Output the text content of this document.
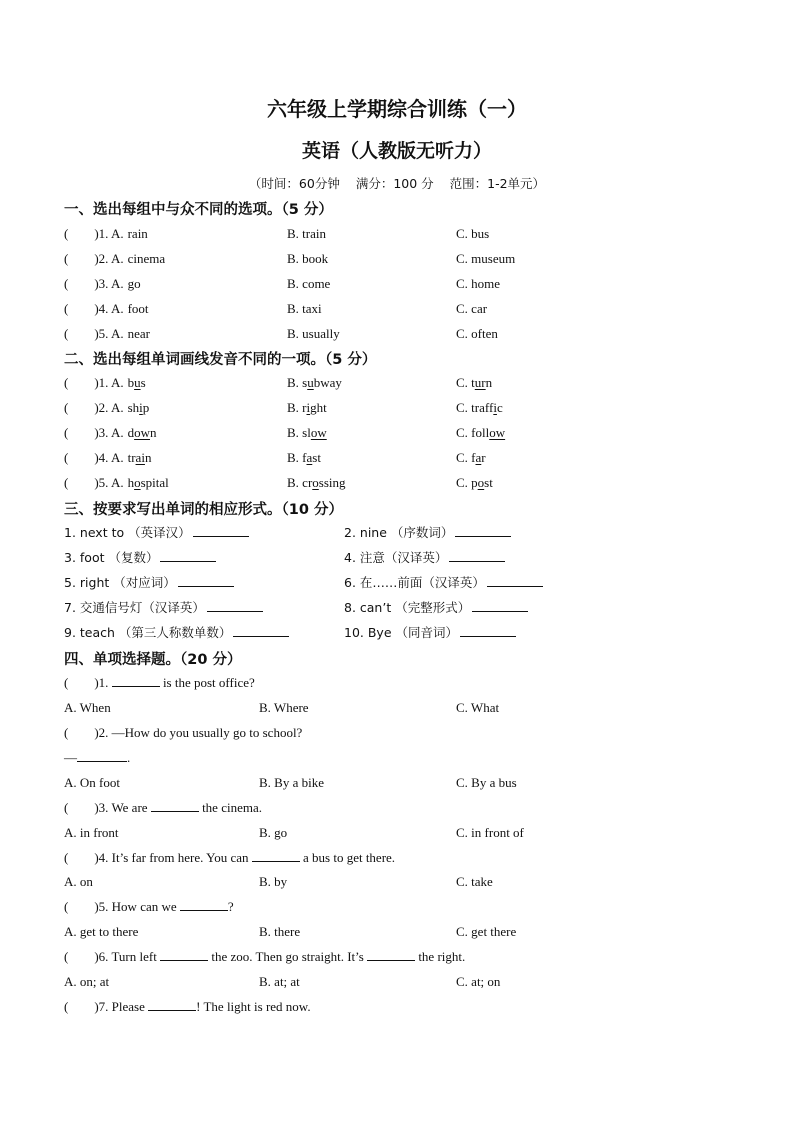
六年级上学期综合训练（一）
英语（人教版无听力）
（时间：60分钟 满分：100 分 范围：1-2单元）
一、选出每组中与众不同的选项。（5 分）
( )1. A. rain	B. train	C. bus
( )2. A. cinema	B. book	C. museum
( )3. A. go	B. come	C. home
( )4. A. foot	B. taxi	C. car
( )5. A. near	B. usually	C. often
二、选出每组单词画线发音不同的一项。（5 分）
( )1. A. bus	B. subway	C. turn
( )2. A. ship	B. right	C. traffic
( )3. A. down	B. slow	C. follow
( )4. A. train	B. fast	C. far
( )5. A. hospital	B. crossing	C. post
三、按要求写出单词的相应形式。（10 分）
1. next to （英译汉）	2. nine （序数词）
3. foot （复数）	4. 注意（汉译英）
5. right （对应词）	6. 在……前面（汉译英）
7. 交通信号灯（汉译英）	8. can’t （完整形式）
9. teach （第三人称数单数）	10. Bye （同音词）
四、单项选择题。（20 分）
( )1.	is the post office?
A. When	B. Where	C. What
( )2. —How do you usually go to school?
—	.
A. On foot	B. By a bike	C. By a bus
( )3. We are	the cinema.
A. in front	B. go	C. in front of
( )4. It’s far from here. You can	a bus to get there.
A. on	B. by	C. take
( )5. How can we	?
A. get to there	B. there	C. get there
( )6. Turn left	the zoo. Then go straight. It’s	the right.
A. on; at	B. at; at	C. at; on
( )7. Please	! The light is red now.
